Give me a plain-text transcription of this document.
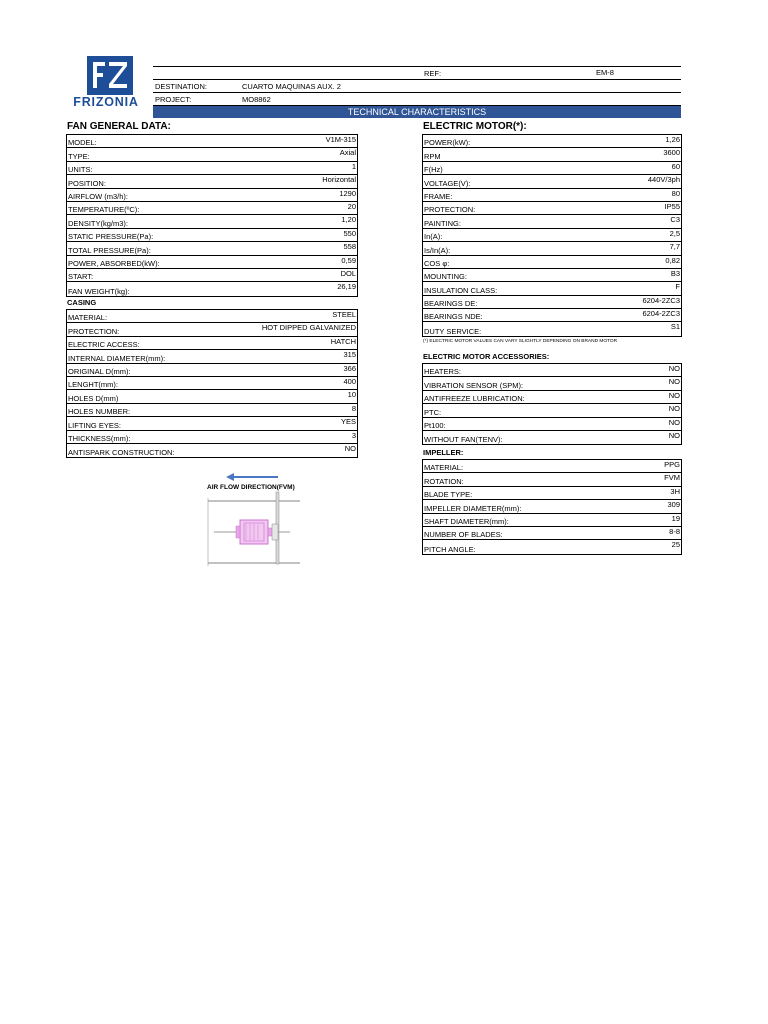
FRIZONIA
REF:	EM-8
DESTINATION:	CUARTO MAQUINAS AUX. 2
PROJECT:	MO8862
TECHNICAL CHARACTERISTICS
FAN GENERAL DATA:	ELECTRIC MOTOR(*):
CASING
ELECTRIC MOTOR ACCESSORIES:
IMPELLER:
MODEL:	V1M-315
TYPE:	Axial
UNITS:	1
POSITION:	Horizontal
AIRFLOW (m3/h):	1290
TEMPERATURE(ºC):	20
DENSITY(kg/m3):	1,20
STATIC PRESSURE(Pa):	550
TOTAL PRESSURE(Pa):	558
POWER, ABSORBED(kW):	0,59
START:	DOL
FAN WEIGHT(kg):	26,19
MATERIAL:	STEEL
PROTECTION:	HOT DIPPED GALVANIZED
ELECTRIC ACCESS:	HATCH
INTERNAL DIAMETER(mm):	315
ORIGINAL D(mm):	366
LENGHT(mm):	400
HOLES D(mm)	10
HOLES NUMBER:	8
LIFTING EYES:	YES
THICKNESS(mm):	3
ANTISPARK CONSTRUCTION:	NO
POWER(kW):	1,26
RPM	3600
F(Hz)	60
VOLTAGE(V):	440V/3ph
FRAME:	80
PROTECTION:	IP55
PAINTING:	C3
In(A):	2,5
Is/In(A):	7,7
COS φ:	0,82
MOUNTING:	B3
INSULATION CLASS:	F
BEARINGS DE:	6204-2ZC3
BEARINGS NDE:	6204-2ZC3
DUTY SERVICE:	S1
HEATERS:	NO
VIBRATION SENSOR (SPM):	NO
ANTIFREEZE LUBRICATION:	NO
PTC:	NO
Pt100:	NO
WITHOUT FAN(TENV):	NO
MATERIAL:	PPG
ROTATION:	FVM
BLADE TYPE:	3H
IMPELLER DIAMETER(mm):	309
SHAFT DIAMETER(mm):	19
NUMBER OF BLADES:	8-8
PITCH ANGLE:	25
(*) ELECTRIC MOTOR VALUES CAN VARY SLIGHTLY DEPENDING ON BRAND MOTOR
AIR FLOW DIRECTION(FVM)
